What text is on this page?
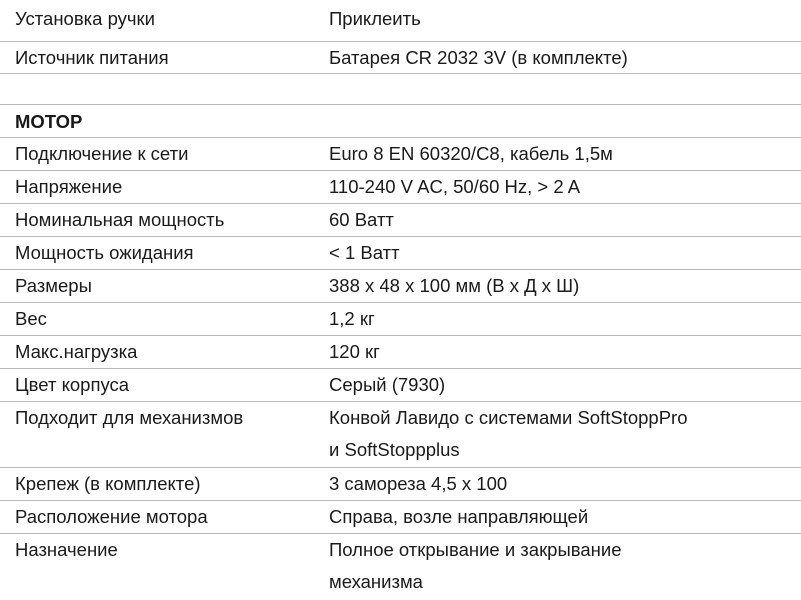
Установка ручки	Приклеить
Источник питания	Батарея CR 2032 3V (в комплекте)
МОТОР
Подключение к сети	Euro 8 EN 60320/C8, кабель 1,5м
Напряжение	110-240 V AC, 50/60 Hz, > 2 A
Номинальная мощность	60 Ватт
Мощность ожидания	< 1 Ватт
Размеры	388 x 48 x 100 мм (В х Д х Ш)
Вес	1,2 кг
Макс.нагрузка	120 кг
Цвет корпуса	Серый (7930)
Подходит для механизмов	Конвой Лавидо с системами SoftStoppPro
и SoftStoppplus
Крепеж (в комплекте)	3 самореза 4,5 х 100
Расположение мотора	Справа, возле направляющей
Назначение	Полное открывание и закрывание
механизма
